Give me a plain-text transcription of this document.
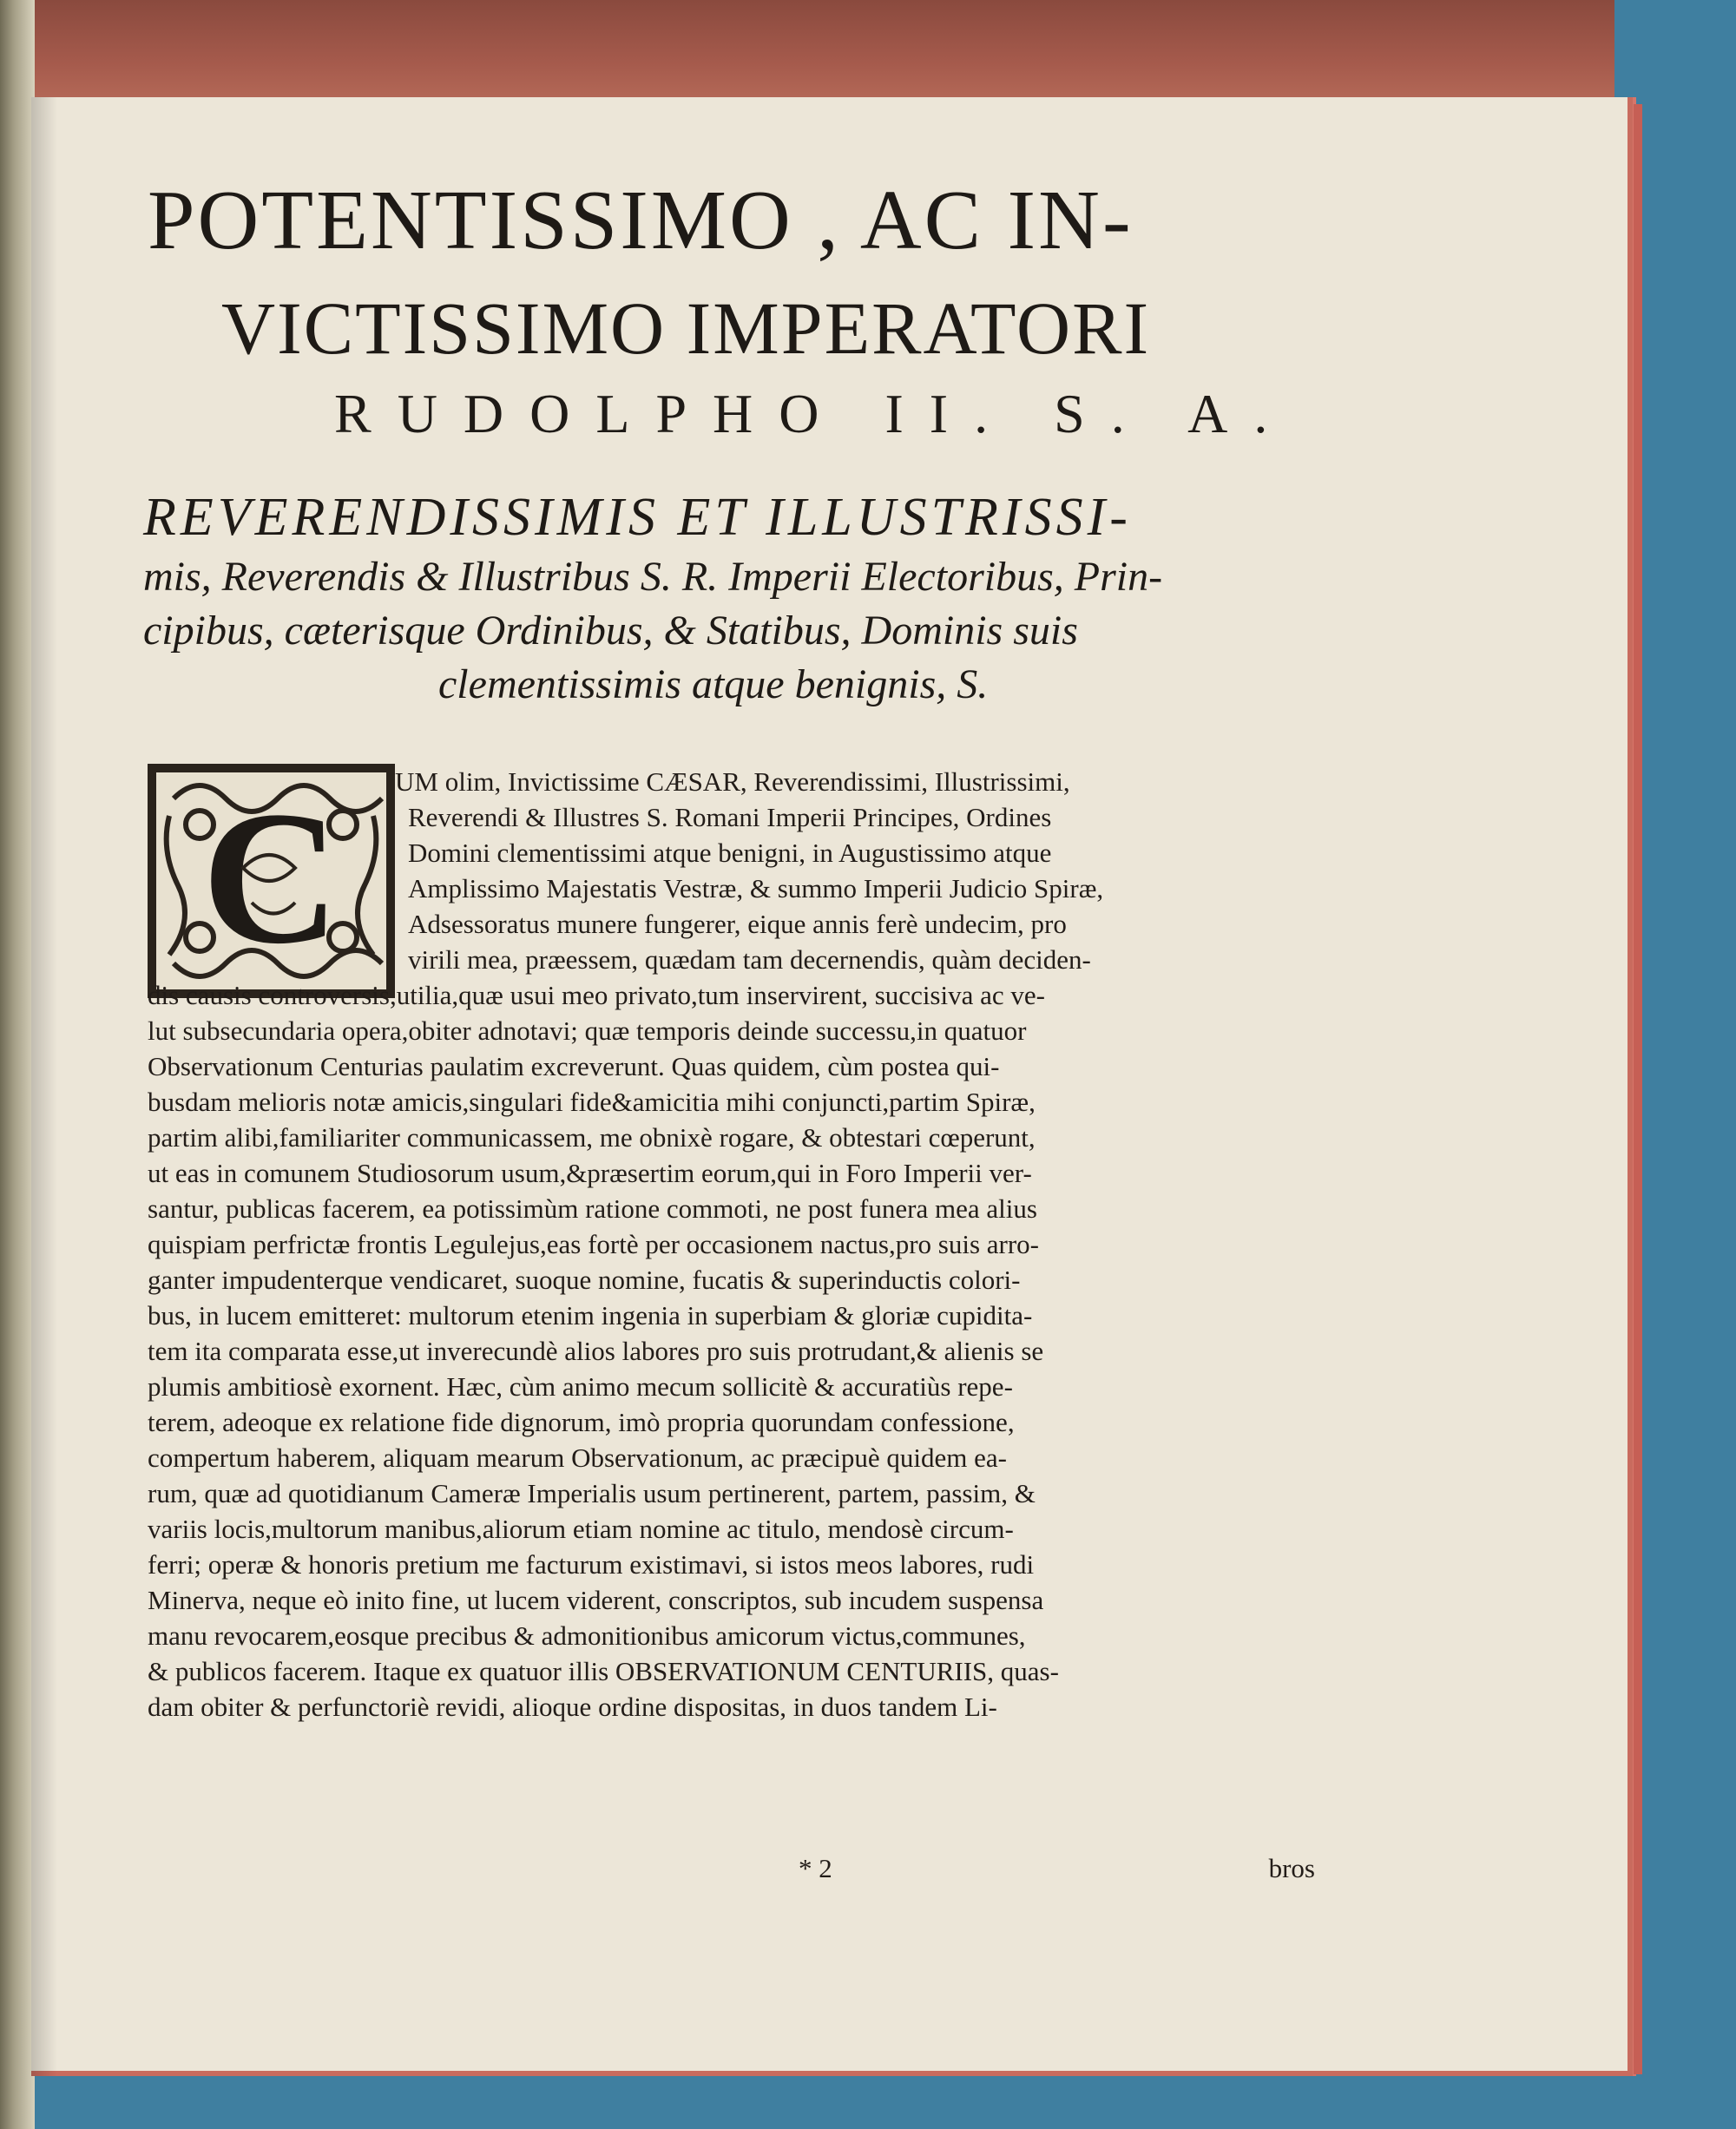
POTENTISSIMO , AC IN-
VICTISSIMO IMPERATORI
RUDOLPHO II. S. A.
REVERENDISSIMIS ET ILLUSTRISSI-
mis, Reverendis & Illustribus S. R. Imperii Electoribus, Prin-
cipibus, cæterisque Ordinibus, & Statibus, Dominis suis
clementissimis atque benignis, S.
C	UM olim, Invictissime CÆSAR, Reverendissimi, Illustrissimi,
Reverendi & Illustres S. Romani Imperii Principes, Ordines
Domini clementissimi atque benigni, in Augustissimo atque
Amplissimo Majestatis Vestræ, & summo Imperii Judicio Spiræ,
Adsessoratus munere fungerer, eique annis ferè undecim, pro
virili mea, præessem, quædam tam decernendis, quàm deciden-
dis causis controversis,utilia,quæ usui meo privato,tum inservirent, succisiva ac ve-
lut subsecundaria opera,obiter adnotavi; quæ temporis deinde successu,in quatuor
Observationum Centurias paulatim excreverunt. Quas quidem, cùm postea qui-
busdam melioris notæ amicis,singulari fide&amicitia mihi conjuncti,partim Spiræ,
partim alibi,familiariter communicassem, me obnixè rogare, & obtestari cœperunt,
ut eas in comunem Studiosorum usum,&præsertim eorum,qui in Foro Imperii ver-
santur, publicas facerem, ea potissimùm ratione commoti, ne post funera mea alius
quispiam perfrictæ frontis Legulejus,eas fortè per occasionem nactus,pro suis arro-
ganter impudenterque vendicaret, suoque nomine, fucatis & superinductis colori-
bus, in lucem emitteret: multorum etenim ingenia in superbiam & gloriæ cupidita-
tem ita comparata esse,ut inverecundè alios labores pro suis protrudant,& alienis se
plumis ambitiosè exornent. Hæc, cùm animo mecum sollicitè & accuratiùs repe-
terem, adeoque ex relatione fide dignorum, imò propria quorundam confessione,
compertum haberem, aliquam mearum Observationum, ac præcipuè quidem ea-
rum, quæ ad quotidianum Cameræ Imperialis usum pertinerent, partem, passim, &
variis locis,multorum manibus,aliorum etiam nomine ac titulo, mendosè circum-
ferri; operæ & honoris pretium me facturum existimavi, si istos meos labores, rudi
Minerva, neque eò inito fine, ut lucem viderent, conscriptos, sub incudem suspensa
manu revocarem,eosque precibus & admonitionibus amicorum victus,communes,
& publicos facerem. Itaque ex quatuor illis OBSERVATIONUM CENTURIIS, quas-
dam obiter & perfunctoriè revidi, alioque ordine dispositas, in duos tandem Li-
* 2	bros
